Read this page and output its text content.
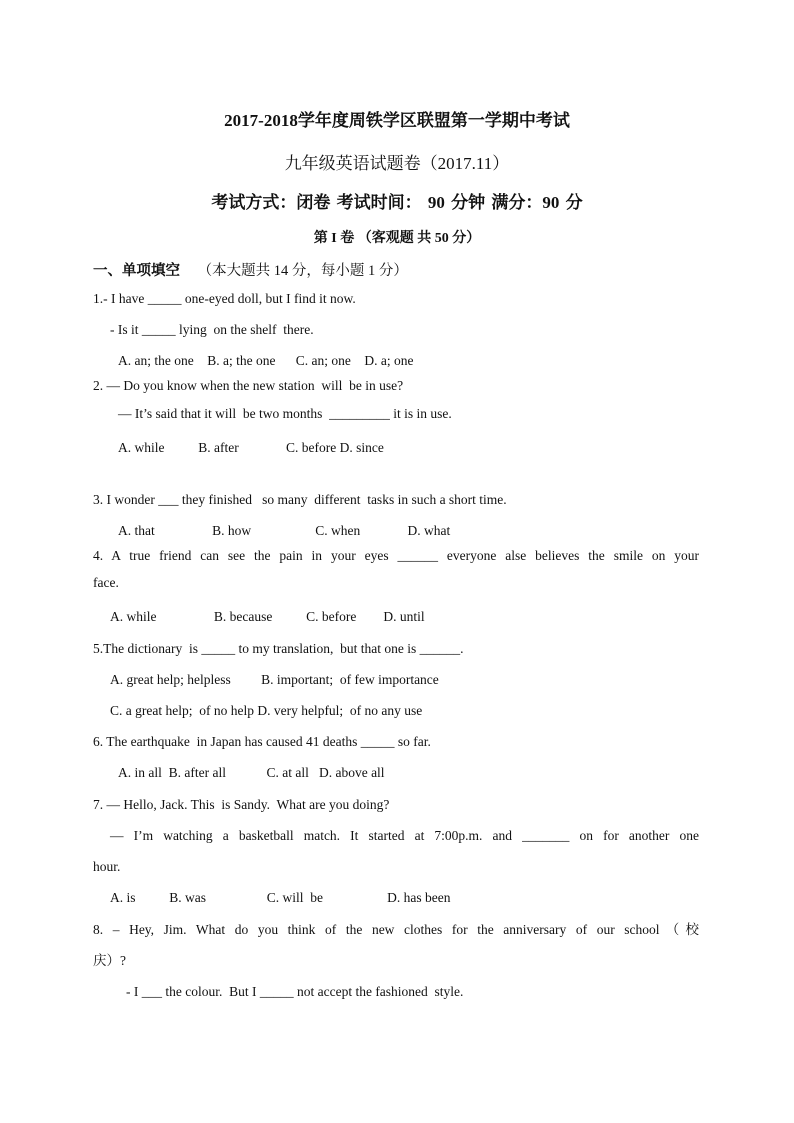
2017-2018学年度周铁学区联盟第一学期中考试
九年级英语试题卷（2017.11）
考试方式：闭卷 考试时间： 90 分钟 满分：90 分
第 I 卷 （客观题 共 50 分）
一、单项填空 （本大题共 14 分，每小题 1 分）
1.- I have _____ one-eyed doll, but I find it now.
- Is it _____ lying  on the shelf  there.
A. an; the one    B. a; the one      C. an; one    D. a; one
2. — Do you know when the new station  will  be in use?
— It’s said that it will  be two months  _________ it is in use.
A. while          B. after              C. before D. since
3. I wonder ___ they finished   so many  different  tasks in such a short time.
A. that                 B. how                   C. when              D. what
4. A true friend can see the pain in your eyes ______ everyone alse believes the smile on your
face.
A. while                 B. because          C. before        D. until
5.The dictionary  is _____ to my translation,  but that one is ______.
A. great help; helpless         B. important;  of few importance
C. a great help;  of no help D. very helpful;  of no any use
6. The earthquake  in Japan has caused 41 deaths _____ so far.
A. in all  B. after all            C. at all   D. above all
7. — Hello, Jack. This  is Sandy.  What are you doing?
— I’m watching a basketball match. It started at 7:00p.m. and _______ on for another one
hour.
A. is          B. was                  C. will  be                   D. has been
8. – Hey, Jim. What do you think of the new clothes for the anniversary of our school（校
庆）?
- I ___ the colour.  But I _____ not accept the fashioned  style.
